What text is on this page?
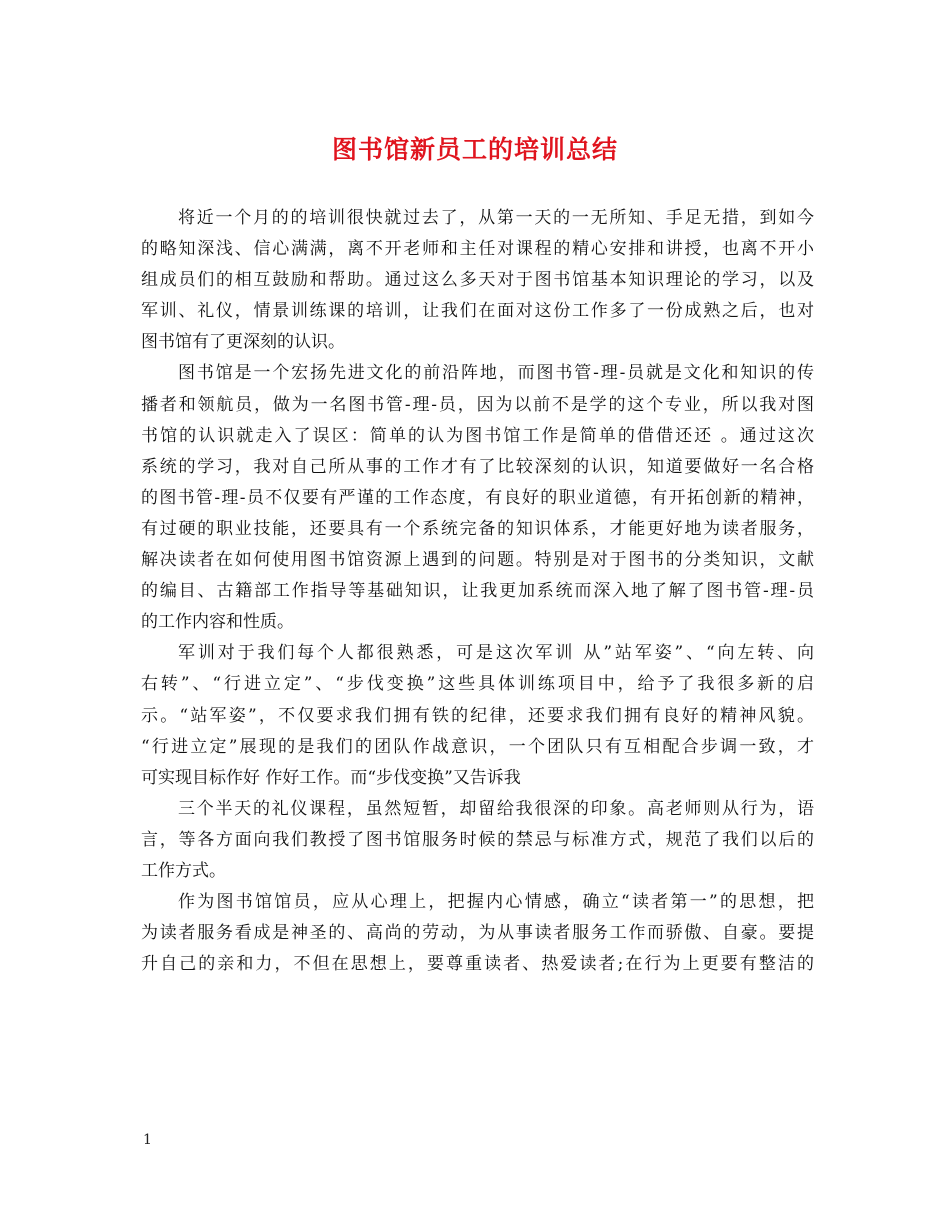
图书馆新员工的培训总结
将近一个月的的培训很快就过去了，从第一天的一无所知、手足无措，到如今
的略知深浅、信心满满，离不开老师和主任对课程的精心安排和讲授，也离不开小
组成员们的相互鼓励和帮助。通过这么多天对于图书馆基本知识理论的学习，以及
军训、礼仪，情景训练课的培训，让我们在面对这份工作多了一份成熟之后，也对
图书馆有了更深刻的认识。
图书馆是一个宏扬先进文化的前沿阵地，而图书管-理-员就是文化和知识的传
播者和领航员，做为一名图书管-理-员，因为以前不是学的这个专业，所以我对图
书馆的认识就走入了误区：简单的认为图书馆工作是简单的借借还还 。通过这次
系统的学习，我对自己所从事的工作才有了比较深刻的认识，知道要做好一名合格
的图书管-理-员不仅要有严谨的工作态度，有良好的职业道德，有开拓创新的精神，
有过硬的职业技能，还要具有一个系统完备的知识体系，才能更好地为读者服务，
解决读者在如何使用图书馆资源上遇到的问题。特别是对于图书的分类知识，文献
的编目、古籍部工作指导等基础知识，让我更加系统而深入地了解了图书管-理-员
的工作内容和性质。
军训对于我们每个人都很熟悉，可是这次军训 从”站军姿”、“向左转、向
右转”、“行进立定”、“步伐变换”这些具体训练项目中，给予了我很多新的启
示。“站军姿”，不仅要求我们拥有铁的纪律，还要求我们拥有良好的精神风貌。
“行进立定”展现的是我们的团队作战意识，一个团队只有互相配合步调一致，才
可实现目标作好 作好工作。而“步伐变换”又告诉我
三个半天的礼仪课程，虽然短暂，却留给我很深的印象。高老师则从行为，语
言，等各方面向我们教授了图书馆服务时候的禁忌与标准方式，规范了我们以后的
工作方式。
作为图书馆馆员，应从心理上，把握内心情感，确立“读者第一”的思想，把
为读者服务看成是神圣的、高尚的劳动，为从事读者服务工作而骄傲、自豪。要提
升自己的亲和力，不但在思想上，要尊重读者、热爱读者;在行为上更要有整洁的
1
